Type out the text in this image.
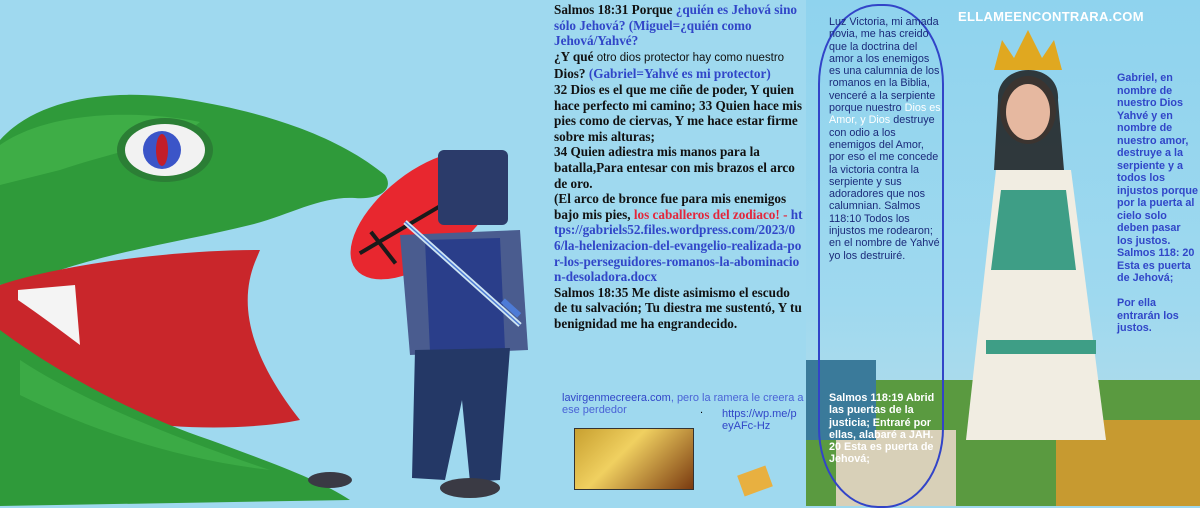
Salmos 18:31 Porque ¿quién es Jehová sino sólo Jehová? (Miguel=¿quién como Jehová/Yahvé?

¿Y qué otro dios protector hay como nuestro Dios? (Gabriel=Yahvé es mi protector)

32 Dios es el que me ciñe de poder, Y quien hace perfecto mi camino; 33 Quien hace mis pies como de ciervas, Y me hace estar firme sobre mis alturas;

34 Quien adiestra mis manos para la batalla,Para entesar con mis brazos el arco de oro.

(El arco de bronce fue para mis enemigos bajo mis pies, los caballeros del zodiaco! - https://gabriels52.files.wordpress.com/2023/06/la-helenizacion-del-evangelio-realizada-por-los-perseguidores-romanos-la-abominacion-desoladora.docx

Salmos 18:35 Me diste asimismo el escudo de tu salvación; Tu diestra me sustentó, Y tu benignidad me ha engrandecido.

lavirgenmecreera.com, pero la ramera le creera a ese perdedor	. https://wp.me/peyAFc-Hz
Luz Victoria, mi amada novia, me has creido que la doctrina del amor a los enemigos es una calumnia de los romanos en la Biblia, venceré a la serpiente porque nuestro Dios es Amor, y Dios destruye con odio a los enemigos del Amor, por eso el me concede la victoria contra la serpiente y sus adoradores que nos calumnian. Salmos 118:10 Todos los injustos me rodearon; en el nombre de Yahvé yo los destruiré.
Salmos 118:19 Abrid las puertas de la justicia; Entraré por ellas, alabaré a JAH. 20 Esta es puerta de Jehová;
ELLAMEENCONTRARA.COM
Gabriel, en nombre de nuestro Dios Yahvé y en nombre de nuestro amor, destruye a la serpiente y a todos los injustos porque por la puerta al cielo solo deben pasar los justos. Salmos 118: 20 Esta es puerta de Jehová;

Por ella entrarán los justos.
